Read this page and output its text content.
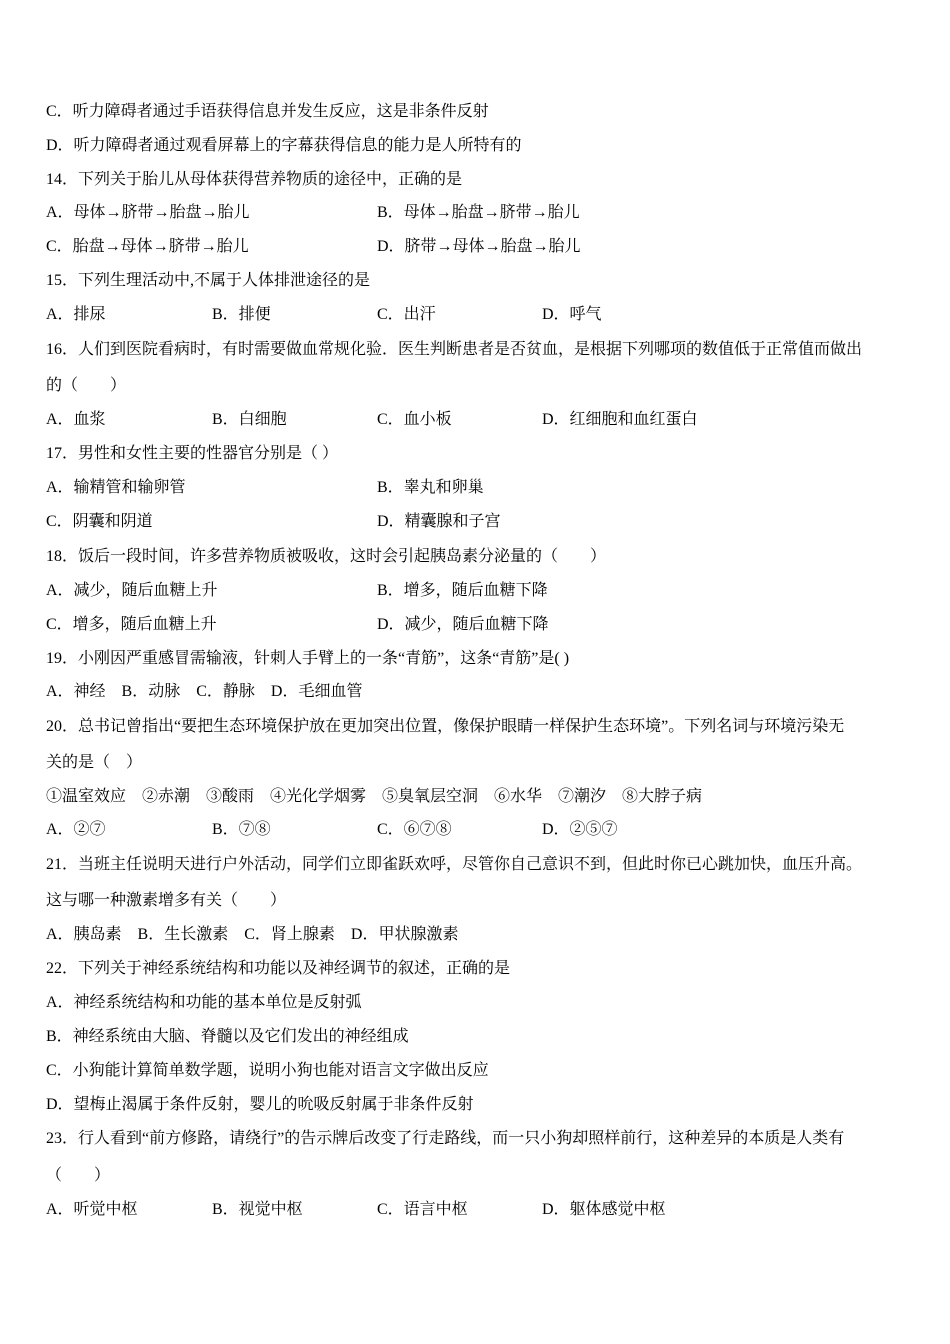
C．听力障碍者通过手语获得信息并发生反应，这是非条件反射
D．听力障碍者通过观看屏幕上的字幕获得信息的能力是人所特有的
14．下列关于胎儿从母体获得营养物质的途径中，正确的是
A．母体→脐带→胎盘→胎儿	B．母体→胎盘→脐带→胎儿
C．胎盘→母体→脐带→胎儿	D．脐带→母体→胎盘→胎儿
15．下列生理活动中,不属于人体排泄途径的是
A．排尿	B．排便	C．出汗	D．呼气
16．人们到医院看病时，有时需要做血常规化验．医生判断患者是否贫血，是根据下列哪项的数值低于正常值而做出
的（　　）
A．血浆	B．白细胞	C．血小板	D．红细胞和血红蛋白
17．男性和女性主要的性器官分别是（ ）
A．输精管和输卵管	B．睾丸和卵巢
C．阴囊和阴道	D．精囊腺和子宫
18．饭后一段时间，许多营养物质被吸收，这时会引起胰岛素分泌量的（　　）
A．减少，随后血糖上升	B．增多，随后血糖下降
C．增多，随后血糖上升	D．减少，随后血糖下降
19．小刚因严重感冒需输液，针刺人手臂上的一条“青筋”，这条“青筋”是( )
A．神经　B．动脉　C．静脉　D．毛细血管
20．总书记曾指出“要把生态环境保护放在更加突出位置，像保护眼睛一样保护生态环境”。下列名词与环境污染无
关的是（　）
①温室效应　②赤潮　③酸雨　④光化学烟雾　⑤臭氧层空洞　⑥水华　⑦潮汐　⑧大脖子病
A．②⑦	B．⑦⑧	C．⑥⑦⑧	D．②⑤⑦
21．当班主任说明天进行户外活动，同学们立即雀跃欢呼，尽管你自己意识不到，但此时你已心跳加快，血压升高。
这与哪一种激素增多有关（　　）
A．胰岛素　B．生长激素　C．肾上腺素　D．甲状腺激素
22．下列关于神经系统结构和功能以及神经调节的叙述，正确的是
A．神经系统结构和功能的基本单位是反射弧
B．神经系统由大脑、脊髓以及它们发出的神经组成
C．小狗能计算简单数学题，说明小狗也能对语言文字做出反应
D．望梅止渴属于条件反射，婴儿的吮吸反射属于非条件反射
23．行人看到“前方修路，请绕行”的告示牌后改变了行走路线，而一只小狗却照样前行，这种差异的本质是人类有
（　　）
A．听觉中枢	B．视觉中枢	C．语言中枢	D．躯体感觉中枢
